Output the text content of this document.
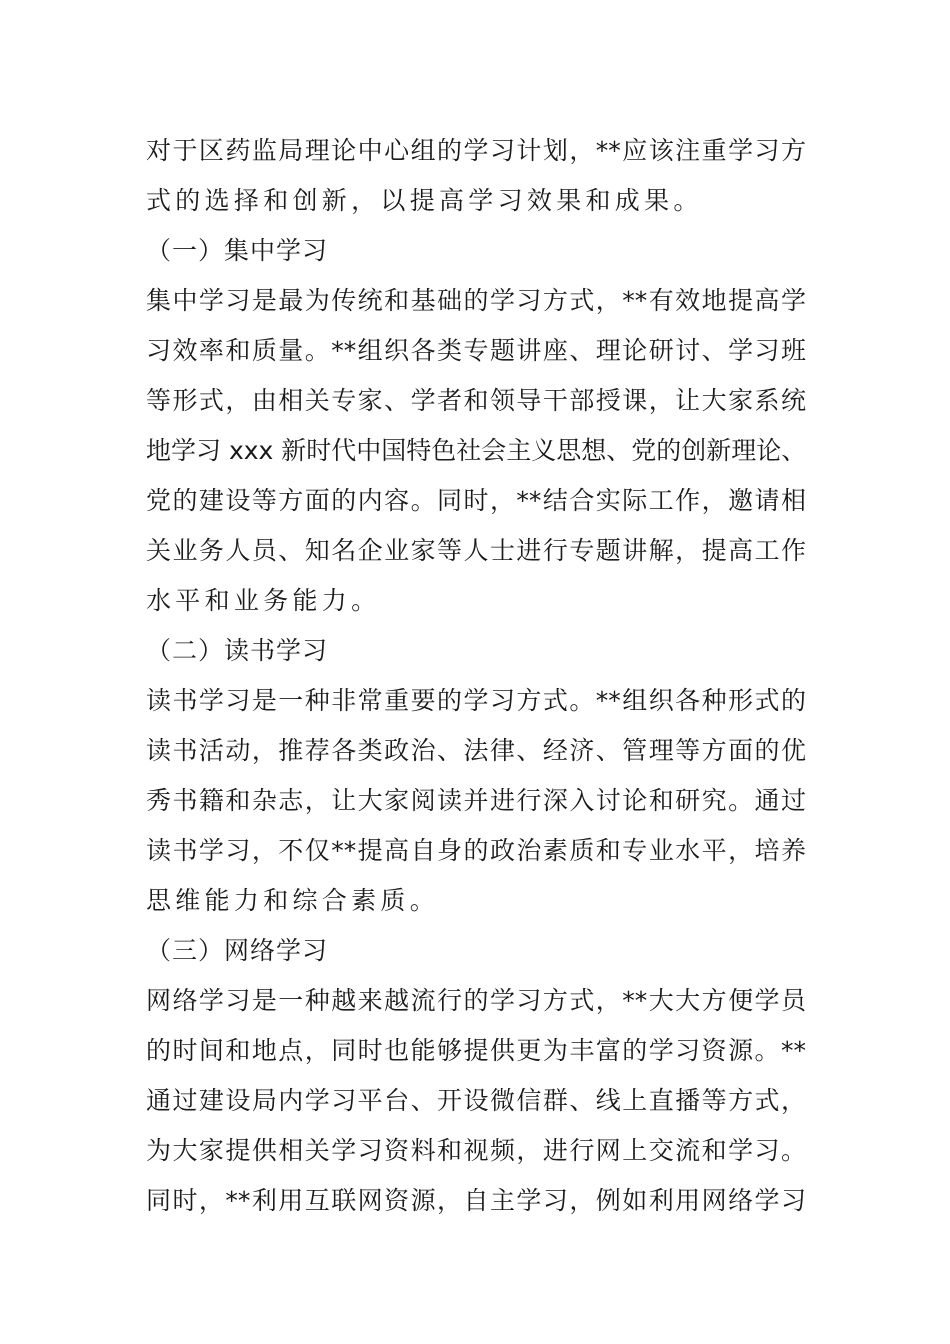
对于区药监局理论中心组的学习计划，**应该注重学习方
式的选择和创新，以提高学习效果和成果。
（一）集中学习
集中学习是最为传统和基础的学习方式，**有效地提高学
习效率和质量。**组织各类专题讲座、理论研讨、学习班
等形式，由相关专家、学者和领导干部授课，让大家系统
地学习 xxx 新时代中国特色社会主义思想、党的创新理论、
党的建设等方面的内容。同时，**结合实际工作，邀请相
关业务人员、知名企业家等人士进行专题讲解，提高工作
水平和业务能力。
（二）读书学习
读书学习是一种非常重要的学习方式。**组织各种形式的
读书活动，推荐各类政治、法律、经济、管理等方面的优
秀书籍和杂志，让大家阅读并进行深入讨论和研究。通过
读书学习，不仅**提高自身的政治素质和专业水平，培养
思维能力和综合素质。
（三）网络学习
网络学习是一种越来越流行的学习方式，**大大方便学员
的时间和地点，同时也能够提供更为丰富的学习资源。**
通过建设局内学习平台、开设微信群、线上直播等方式，
为大家提供相关学习资料和视频，进行网上交流和学习。
同时，**利用互联网资源，自主学习，例如利用网络学习
